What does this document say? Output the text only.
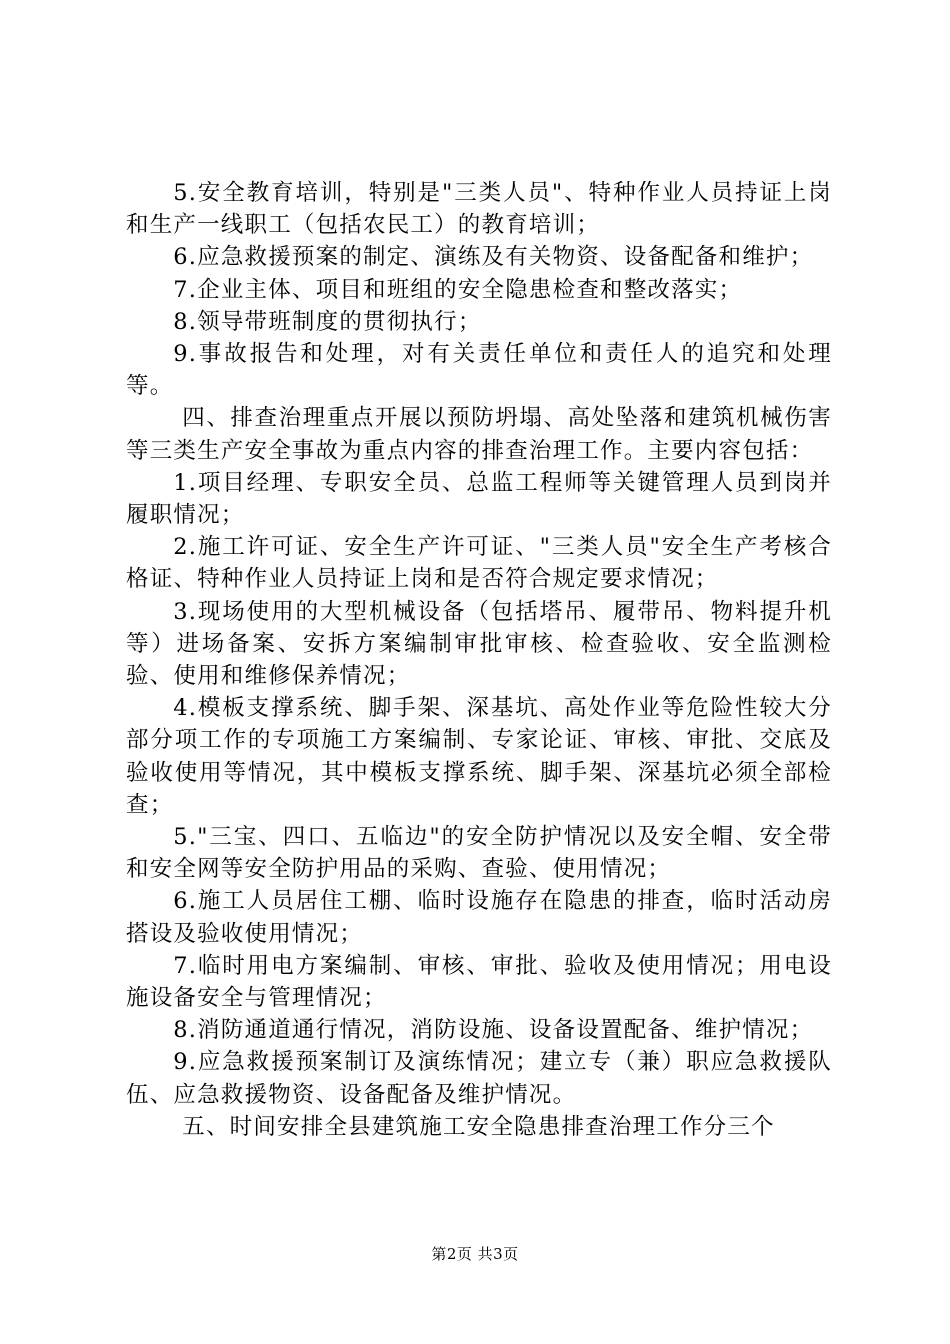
5.安全教育培训，特别是"三类人员"、特种作业人员持证上岗和生产一线职工（包括农民工）的教育培训；

6.应急救援预案的制定、演练及有关物资、设备配备和维护；

7.企业主体、项目和班组的安全隐患检查和整改落实；

8.领导带班制度的贯彻执行；

9.事故报告和处理，对有关责任单位和责任人的追究和处理等。

四、排查治理重点开展以预防坍塌、高处坠落和建筑机械伤害等三类生产安全事故为重点内容的排查治理工作。主要内容包括：

1.项目经理、专职安全员、总监工程师等关键管理人员到岗并履职情况；

2.施工许可证、安全生产许可证、"三类人员"安全生产考核合格证、特种作业人员持证上岗和是否符合规定要求情况；

3.现场使用的大型机械设备（包括塔吊、履带吊、物料提升机等）进场备案、安拆方案编制审批审核、检查验收、安全监测检验、使用和维修保养情况；

4.模板支撑系统、脚手架、深基坑、高处作业等危险性较大分部分项工作的专项施工方案编制、专家论证、审核、审批、交底及验收使用等情况，其中模板支撑系统、脚手架、深基坑必须全部检查；

5."三宝、四口、五临边"的安全防护情况以及安全帽、安全带和安全网等安全防护用品的采购、查验、使用情况；

6.施工人员居住工棚、临时设施存在隐患的排查，临时活动房搭设及验收使用情况；

7.临时用电方案编制、审核、审批、验收及使用情况；用电设施设备安全与管理情况；

8.消防通道通行情况，消防设施、设备设置配备、维护情况；

9.应急救援预案制订及演练情况；建立专（兼）职应急救援队伍、应急救援物资、设备配备及维护情况。

五、时间安排全县建筑施工安全隐患排查治理工作分三个

第2页 共3页
